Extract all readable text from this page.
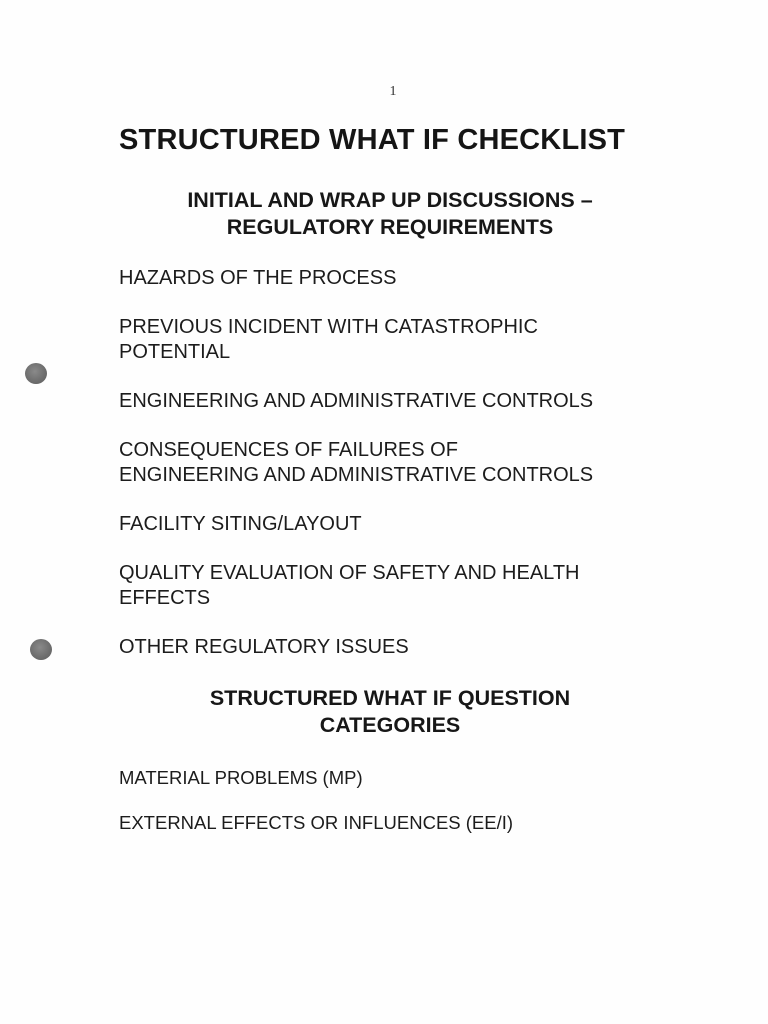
1
STRUCTURED WHAT IF CHECKLIST
INITIAL AND WRAP UP DISCUSSIONS –
REGULATORY REQUIREMENTS

HAZARDS OF THE PROCESS

PREVIOUS INCIDENT WITH CATASTROPHIC
POTENTIAL

ENGINEERING AND ADMINISTRATIVE CONTROLS

CONSEQUENCES OF FAILURES OF
ENGINEERING AND ADMINISTRATIVE CONTROLS

FACILITY SITING/LAYOUT

QUALITY EVALUATION OF SAFETY AND HEALTH
EFFECTS

OTHER REGULATORY ISSUES

STRUCTURED WHAT IF QUESTION
CATEGORIES

MATERIAL PROBLEMS (MP)

EXTERNAL EFFECTS OR INFLUENCES (EE/I)
